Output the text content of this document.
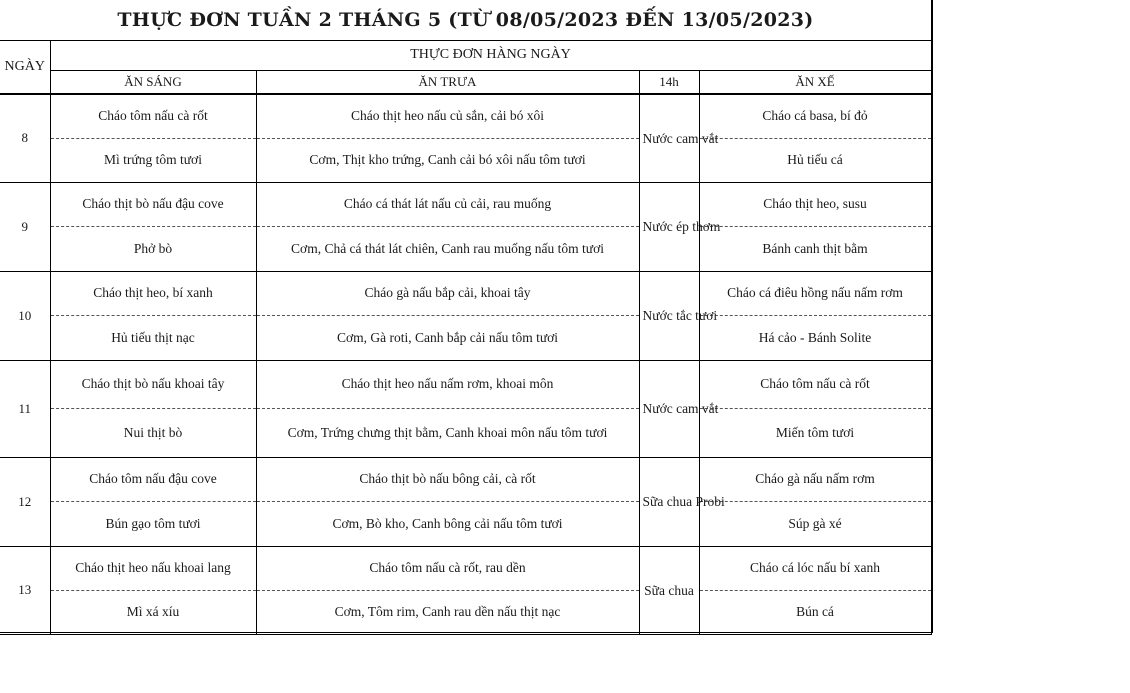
THỰC ĐƠN TUẦN 2 THÁNG 5 (TỪ 08/05/2023 ĐẾN 13/05/2023)
NGÀY	THỰC ĐƠN HÀNG NGÀY			
	ĂN SÁNG	ĂN TRƯA	14h	ĂN XẾ
8	Cháo tôm nấu cà rốt	Cháo thịt heo nấu củ sắn, cải bó xôi	Nước cam vắt	Cháo cá basa, bí đỏ
	Mì trứng tôm tươi	Cơm, Thịt kho trứng, Canh cải bó xôi nấu tôm tươi		Hủ tiếu cá
9	Cháo thịt bò nấu đậu cove	Cháo cá thát lát nấu củ cải, rau muống	Nước ép thơm	Cháo thịt heo, susu
	Phở bò	Cơm, Chả cá thát lát chiên, Canh rau muống nấu tôm tươi		Bánh canh thịt bằm
10	Cháo thịt heo, bí xanh	Cháo gà nấu bắp cải, khoai tây	Nước tắc tươi	Cháo cá điêu hồng nấu nấm rơm
	Hủ tiếu thịt nạc	Cơm, Gà roti, Canh bắp cải nấu tôm tươi		Há cảo - Bánh Solite
11	Cháo thịt bò nấu khoai tây	Cháo thịt heo nấu nấm rơm, khoai môn	Nước cam vắt	Cháo tôm nấu cà rốt
	Nui thịt bò	Cơm, Trứng chưng thịt bằm, Canh khoai môn nấu tôm tươi		Miến tôm tươi
12	Cháo tôm nấu đậu cove	Cháo thịt bò nấu bông cải, cà rốt	Sữa chua Probi	Cháo gà nấu nấm rơm
	Bún gạo tôm tươi	Cơm, Bò kho, Canh bông cải nấu tôm tươi		Súp gà xé
13	Cháo thịt heo nấu khoai lang	Cháo tôm nấu cà rốt, rau dền	Sữa chua	Cháo cá lóc nấu bí xanh
	Mì xá xíu	Cơm, Tôm rim, Canh rau dền nấu thịt nạc		Bún cá
